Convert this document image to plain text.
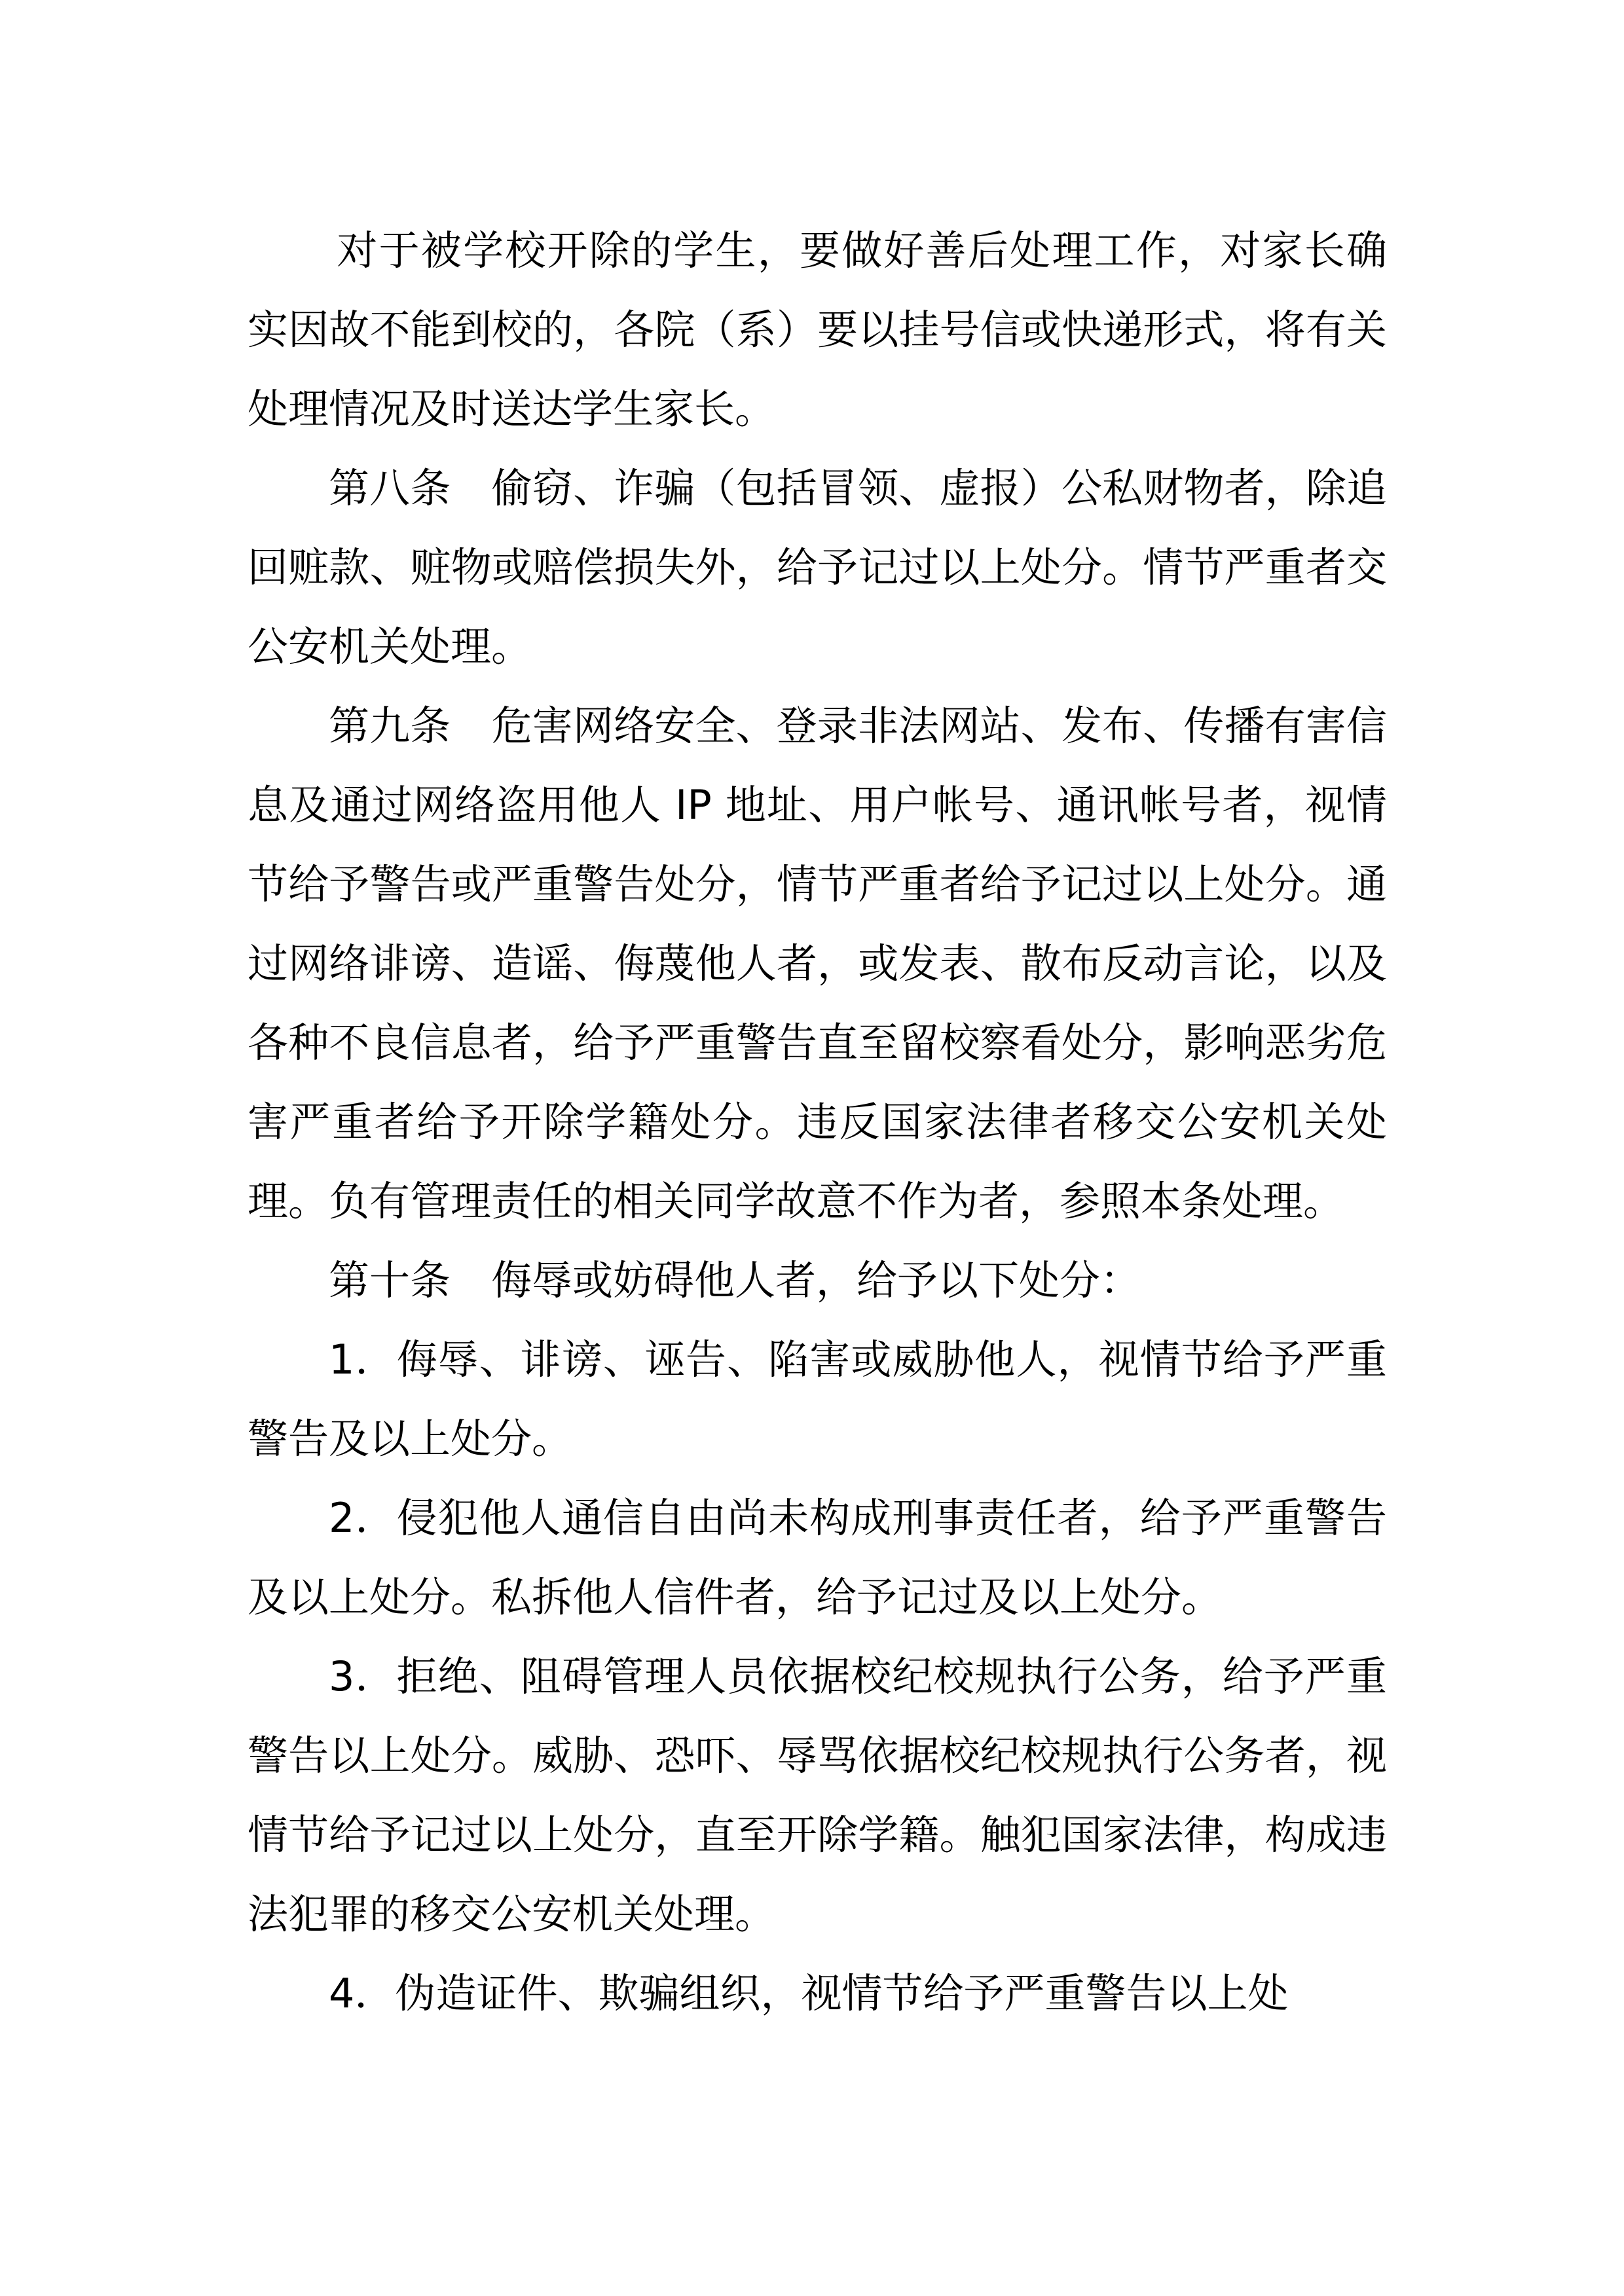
对于被学校开除的学生，要做好善后处理工作，对家长确实因故不能到校的，各院（系）要以挂号信或快递形式，将有关处理情况及时送达学生家长。

第八条　偷窃、诈骗（包括冒领、虚报）公私财物者，除追回赃款、赃物或赔偿损失外，给予记过以上处分。情节严重者交公安机关处理。

第九条　危害网络安全、登录非法网站、发布、传播有害信息及通过网络盗用他人 IP 地址、用户帐号、通讯帐号者，视情节给予警告或严重警告处分，情节严重者给予记过以上处分。通过网络诽谤、造谣、侮蔑他人者，或发表、散布反动言论，以及各种不良信息者，给予严重警告直至留校察看处分，影响恶劣危害严重者给予开除学籍处分。违反国家法律者移交公安机关处理。负有管理责任的相关同学故意不作为者，参照本条处理。

第十条　侮辱或妨碍他人者，给予以下处分：

1．侮辱、诽谤、诬告、陷害或威胁他人，视情节给予严重警告及以上处分。

2．侵犯他人通信自由尚未构成刑事责任者，给予严重警告及以上处分。私拆他人信件者，给予记过及以上处分。

3．拒绝、阻碍管理人员依据校纪校规执行公务，给予严重警告以上处分。威胁、恐吓、辱骂依据校纪校规执行公务者，视情节给予记过以上处分，直至开除学籍。触犯国家法律，构成违法犯罪的移交公安机关处理。

4．伪造证件、欺骗组织，视情节给予严重警告以上处
